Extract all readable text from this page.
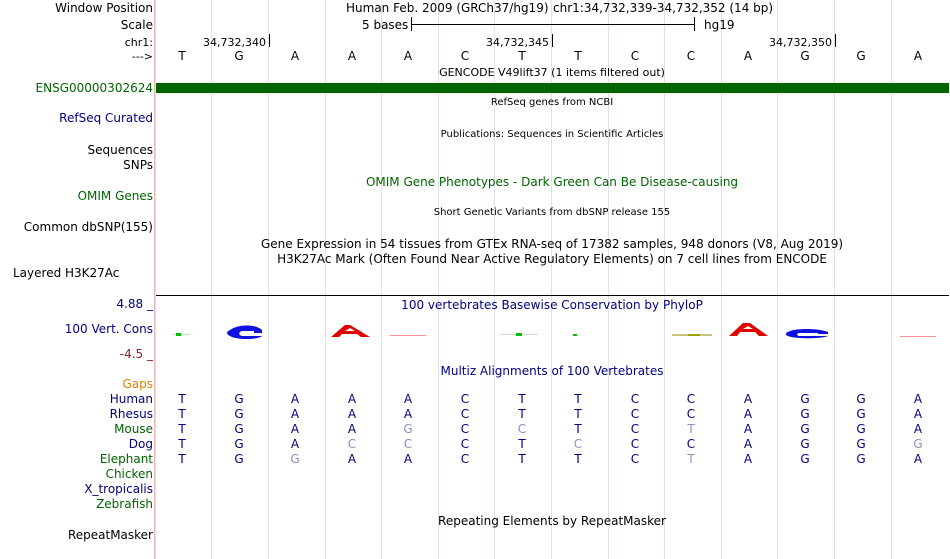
Window Position
Scale
chr1:
--->
Human Feb. 2009 (GRCh37/hg19) chr1:34,732,339-34,732,352 (14 bp)
5 bases	hg19
34,732,340	34,732,345	34,732,350
T	G	A	A	A	C	T	T	C	C	A	G	G	A
GENCODE V49lift37 (1 items filtered out)
ENSG00000302624
RefSeq genes from NCBI
RefSeq Curated
Publications: Sequences in Scientific Articles
Sequences
SNPs
OMIM Gene Phenotypes - Dark Green Can Be Disease-causing
OMIM Genes
Short Genetic Variants from dbSNP release 155
Common dbSNP(155)
Gene Expression in 54 tissues from GTEx RNA-seq of 17382 samples, 948 donors (V8, Aug 2019)
H3K27Ac Mark (Often Found Near Active Regulatory Elements) on 7 cell lines from ENCODE
Layered H3K27Ac
100 vertebrates Basewise Conservation by PhyloP
4.88 _
100 Vert. Cons
-4.5 _
Multiz Alignments of 100 Vertebrates
Gaps
Human T	G	A	A	A	C	T	T	C	C	A	G	G	A
Rhesus T	G	A	A	A	C	T	T	C	C	A	G	G	A
Mouse T	G	A	A	G	C	C	T	C	T	A	G	G	A
Dog T	G	A	C	C	C	T	C	C	C	A	G	G	G
Elephant T	G	G	A	A	C	T	T	C	T	A	G	G	A
Chicken
X_tropicalis
Zebrafish
Repeating Elements by RepeatMasker
RepeatMasker
